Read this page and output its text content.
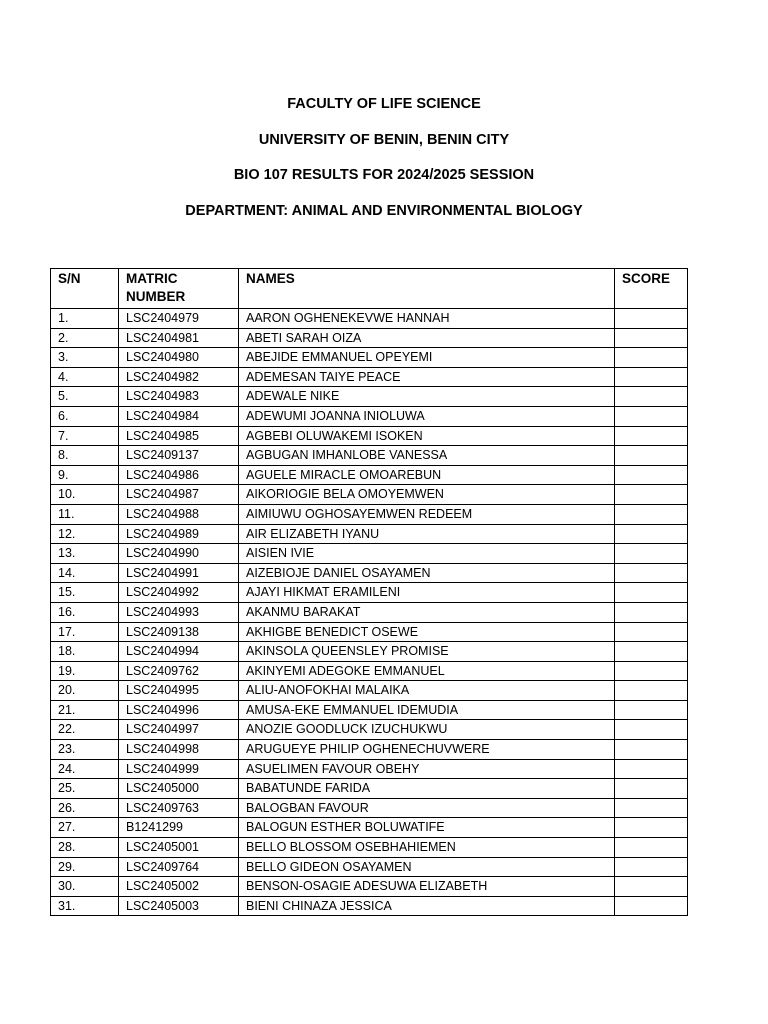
FACULTY OF LIFE SCIENCE
UNIVERSITY OF BENIN, BENIN CITY
BIO 107 RESULTS FOR 2024/2025 SESSION
DEPARTMENT: ANIMAL AND ENVIRONMENTAL BIOLOGY
S/N	MATRIC NUMBER	NAMES	SCORE
1.	LSC2404979	AARON OGHENEKEVWE HANNAH	
2.	LSC2404981	ABETI SARAH OIZA	
3.	LSC2404980	ABEJIDE EMMANUEL OPEYEMI	
4.	LSC2404982	ADEMESAN TAIYE PEACE	
5.	LSC2404983	ADEWALE NIKE	
6.	LSC2404984	ADEWUMI JOANNA INIOLUWA	
7.	LSC2404985	AGBEBI OLUWAKEMI ISOKEN	
8.	LSC2409137	AGBUGAN IMHANLOBE VANESSA	
9.	LSC2404986	AGUELE MIRACLE OMOAREBUN	
10.	LSC2404987	AIKORIOGIE BELA OMOYEMWEN	
11.	LSC2404988	AIMIUWU OGHOSAYEMWEN REDEEM	
12.	LSC2404989	AIR ELIZABETH IYANU	
13.	LSC2404990	AISIEN IVIE	
14.	LSC2404991	AIZEBIOJE DANIEL OSAYAMEN	
15.	LSC2404992	AJAYI HIKMAT ERAMILENI	
16.	LSC2404993	AKANMU BARAKAT	
17.	LSC2409138	AKHIGBE BENEDICT OSEWE	
18.	LSC2404994	AKINSOLA QUEENSLEY PROMISE	
19.	LSC2409762	AKINYEMI ADEGOKE EMMANUEL	
20.	LSC2404995	ALIU-ANOFOKHAI MALAIKA	
21.	LSC2404996	AMUSA-EKE EMMANUEL IDEMUDIA	
22.	LSC2404997	ANOZIE GOODLUCK IZUCHUKWU	
23.	LSC2404998	ARUGUEYE PHILIP OGHENECHUVWERE	
24.	LSC2404999	ASUELIMEN FAVOUR OBEHY	
25.	LSC2405000	BABATUNDE FARIDA	
26.	LSC2409763	BALOGBAN FAVOUR	
27.	B1241299	BALOGUN ESTHER BOLUWATIFE	
28.	LSC2405001	BELLO BLOSSOM OSEBHAHIEMEN	
29.	LSC2409764	BELLO GIDEON OSAYAMEN	
30.	LSC2405002	BENSON-OSAGIE ADESUWA ELIZABETH	
31.	LSC2405003	BIENI CHINAZA JESSICA	
